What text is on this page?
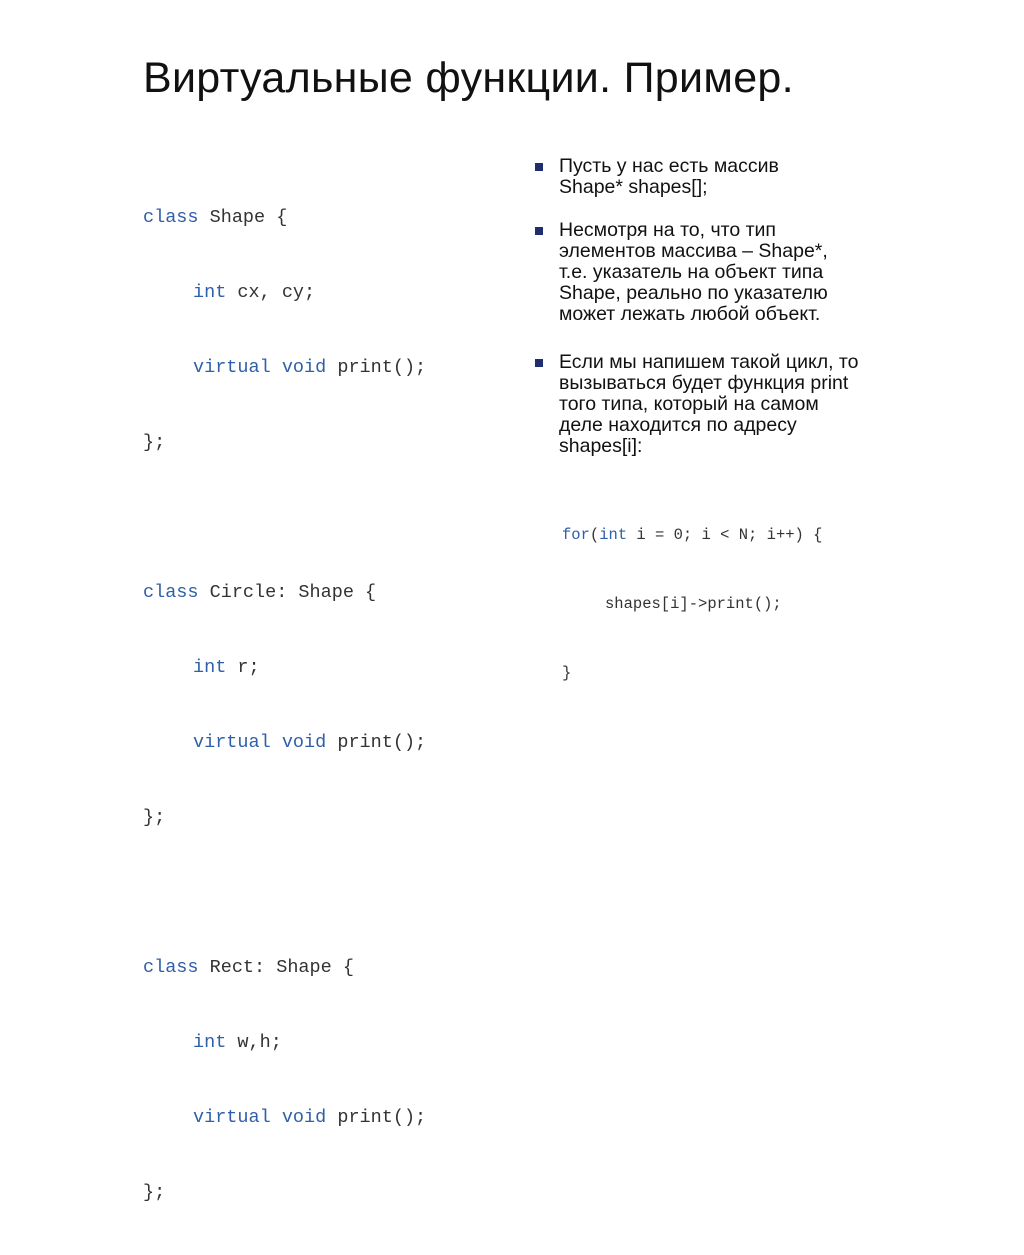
Виртуальные функции. Пример.

class Shape {

int cx, cy;

virtual void print();

};

class Circle: Shape {

int r;

virtual void print();

};

class Rect: Shape {

int w,h;

virtual void print();

};

Пусть у нас есть массив
Shape* shapes[];
Несмотря на то, что тип
элементов массива – Shape*,
т.е. указатель на объект типа
Shape, реально по указателю
может лежать любой объект.
Если мы напишем такой цикл, то
вызываться будет функция print
того типа, который на самом
деле находится по адресу
shapes[i]:

for(int i = 0; i < N; i++) {

shapes[i]->print();

}
